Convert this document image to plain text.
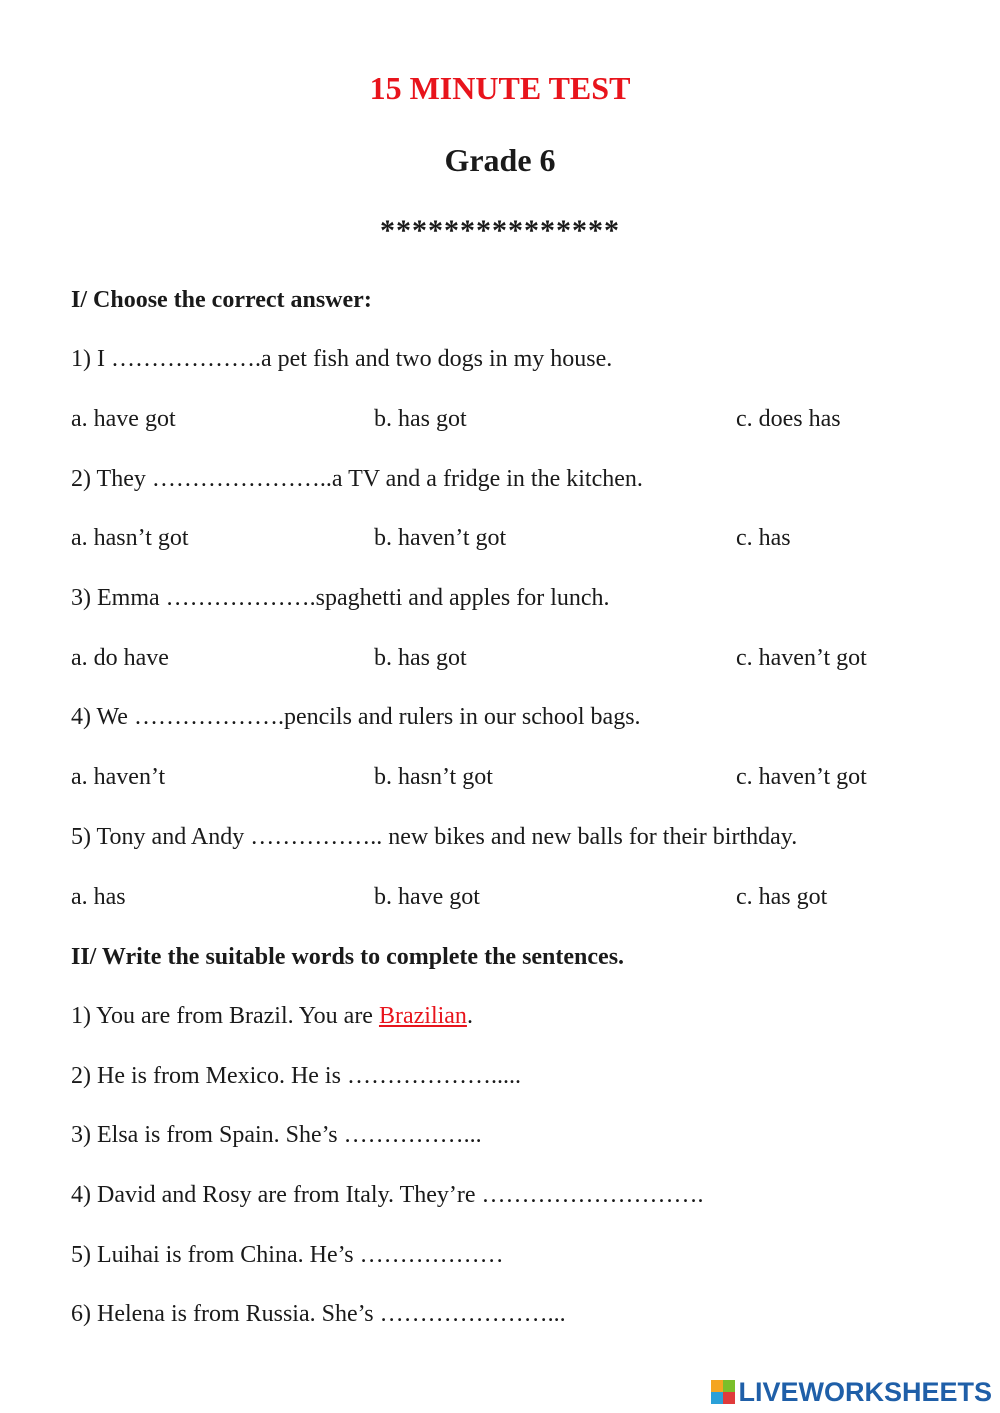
15 MINUTE TEST
Grade 6
***************
I/ Choose the correct answer:
1) I ……………….a pet fish and two dogs in my house.
a. have got	b. has got	c. does has
2) They …………………..a TV and a fridge in the kitchen.
a. hasn’t got	b. haven’t got	c. has
3) Emma ……………….spaghetti and apples for lunch.
a. do have	b. has got	c. haven’t got
4) We ……………….pencils and rulers in our school bags.
a. haven’t	b. hasn’t got	c. haven’t got
5) Tony and Andy …………….. new bikes and new balls for their birthday.
a. has	b. have got	c. has got
II/ Write the suitable words to complete the sentences.
1) You are from Brazil. You are Brazilian.
2) He is from Mexico. He is ……………….....
3) Elsa is from Spain. She’s ……………...
4) David and Rosy are from Italy. They’re ……………………….
5) Luihai is from China. He’s ………………
6) Helena is from Russia. She’s …………………...
LIVEWORKSHEETS
